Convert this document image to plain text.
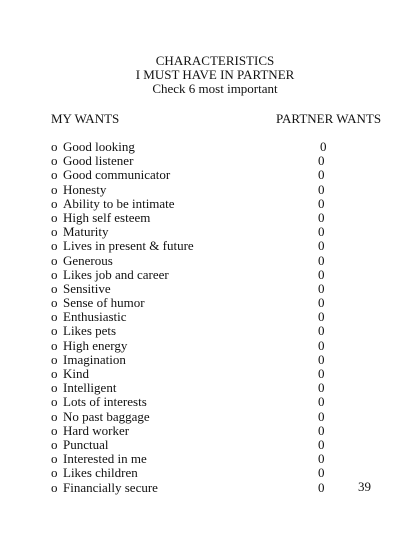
CHARACTERISTICS
I MUST HAVE IN PARTNER
Check 6 most important
MY WANTS	PARTNER WANTS
o Good looking	0
o Good listener	0
o Good communicator	0
o Honesty	0
o Ability to be intimate	0
o High self esteem	0
o Maturity	0
o Lives in present & future	0
o Generous	0
o Likes job and career	0
o Sensitive	0
o Sense of humor	0
o Enthusiastic	0
o Likes pets	0
o High energy	0
o Imagination	0
o Kind	0
o Intelligent	0
o Lots of interests	0
o No past baggage	0
o Hard worker	0
o Punctual	0
o Interested in me	0
o Likes children	0
o Financially secure	0	39
